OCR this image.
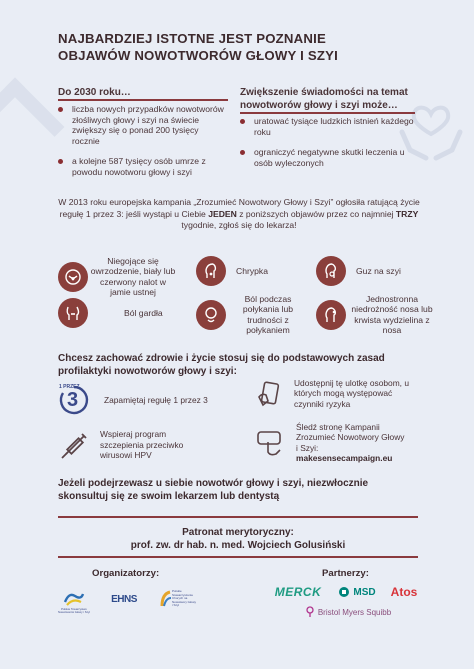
NAJBARDZIEJ ISTOTNE JEST POZNANIE OBJAWÓW NOWOTWORÓW GŁOWY I SZYI
Do 2030 roku…
liczba nowych przypadków nowotworów złośliwych głowy i szyi na świecie zwiększy się o ponad 200 tysięcy rocznie
a kolejne 587 tysięcy osób umrze z powodu nowotworu głowy i szyi
Zwiększenie świadomości na temat nowotworów głowy i szyi może…
uratować tysiące ludzkich istnień każdego roku
ograniczyć negatywne skutki leczenia u osób wyleczonych

W 2013 roku europejska kampania „Zrozumieć Nowotwory Głowy i Szyi” ogłosiła ratującą życie regułę 1 przez 3: jeśli wystąpi u Ciebie JEDEN z poniższych objawów przez co najmniej TRZY tygodnie, zgłoś się do lekarza!

Niegojące się owrzodzenie, biały lub czerwony nalot w jamie ustnej
Chrypka	Guz na szyi
Ból gardła
Ból podczas połykania lub trudności z połykaniem
Jednostronna niedrożność nosa lub krwista wydzielina z nosa
Chcesz zachować zdrowie i życie stosuj się do podstawowych zasad profilaktyki nowotworów głowy i szyi:
1 PRZEZ
3	Zapamiętaj regułę 1 przez 3
Udostępnij tę ulotkę osobom, u których mogą występować czynniki ryzyka
Wspieraj program szczepienia przeciwko wirusowi HPV
Śledź stronę Kampanii Zrozumieć Nowotwory Głowy i Szyi:
makesensecampaign.eu
Jeżeli podejrzewasz u siebie nowotwór głowy i szyi, niezwłocznie skonsultuj się ze swoim lekarzem lub dentystą
Patronat merytoryczny:
prof. zw. dr hab. n. med. Wojciech Golusiński
Organizatorzy:
Polskie Towarzystwo Nowotworów Głowy i Szyi
EHNS
Polskie Stowarzyszenie Chorych na Nowotwory Głowy i Szyi
Partnerzy:
MERCK	MSD Atos
Bristol Myers Squibb
